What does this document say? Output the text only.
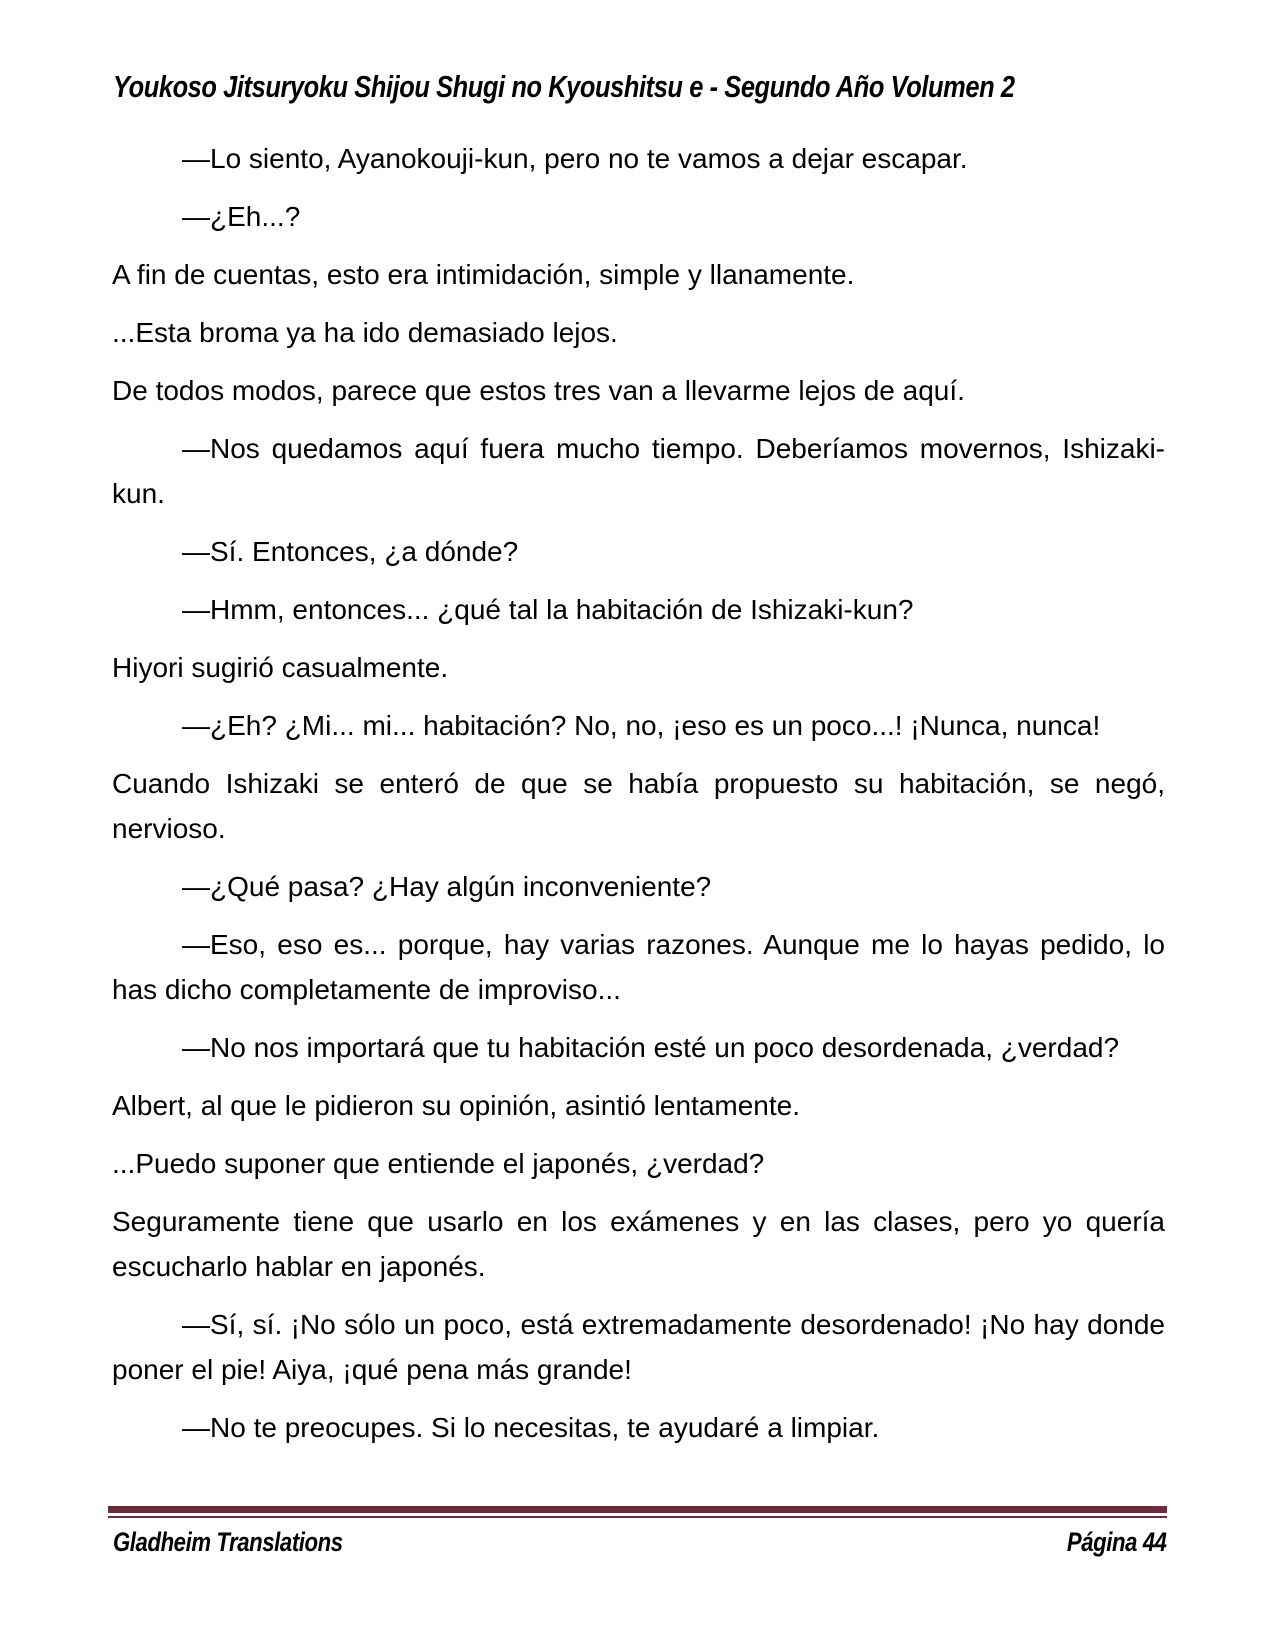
Youkoso Jitsuryoku Shijou Shugi no Kyoushitsu e - Segundo Año Volumen 2

—Lo siento, Ayanokouji-kun, pero no te vamos a dejar escapar.

—¿Eh...?

A fin de cuentas, esto era intimidación, simple y llanamente.

...Esta broma ya ha ido demasiado lejos.

De todos modos, parece que estos tres van a llevarme lejos de aquí.

—Nos quedamos aquí fuera mucho tiempo. Deberíamos movernos, Ishizaki-kun.

—Sí. Entonces, ¿a dónde?

—Hmm, entonces... ¿qué tal la habitación de Ishizaki-kun?

Hiyori sugirió casualmente.

—¿Eh? ¿Mi... mi... habitación? No, no, ¡eso es un poco...! ¡Nunca, nunca!

Cuando Ishizaki se enteró de que se había propuesto su habitación, se negó, nervioso.

—¿Qué pasa? ¿Hay algún inconveniente?

—Eso, eso es... porque, hay varias razones. Aunque me lo hayas pedido, lo has dicho completamente de improviso...

—No nos importará que tu habitación esté un poco desordenada, ¿verdad?

Albert, al que le pidieron su opinión, asintió lentamente.

...Puedo suponer que entiende el japonés, ¿verdad?

Seguramente tiene que usarlo en los exámenes y en las clases, pero yo quería escucharlo hablar en japonés.

—Sí, sí. ¡No sólo un poco, está extremadamente desordenado! ¡No hay donde poner el pie! Aiya, ¡qué pena más grande!

—No te preocupes. Si lo necesitas, te ayudaré a limpiar.

Gladheim Translations	Página 44
